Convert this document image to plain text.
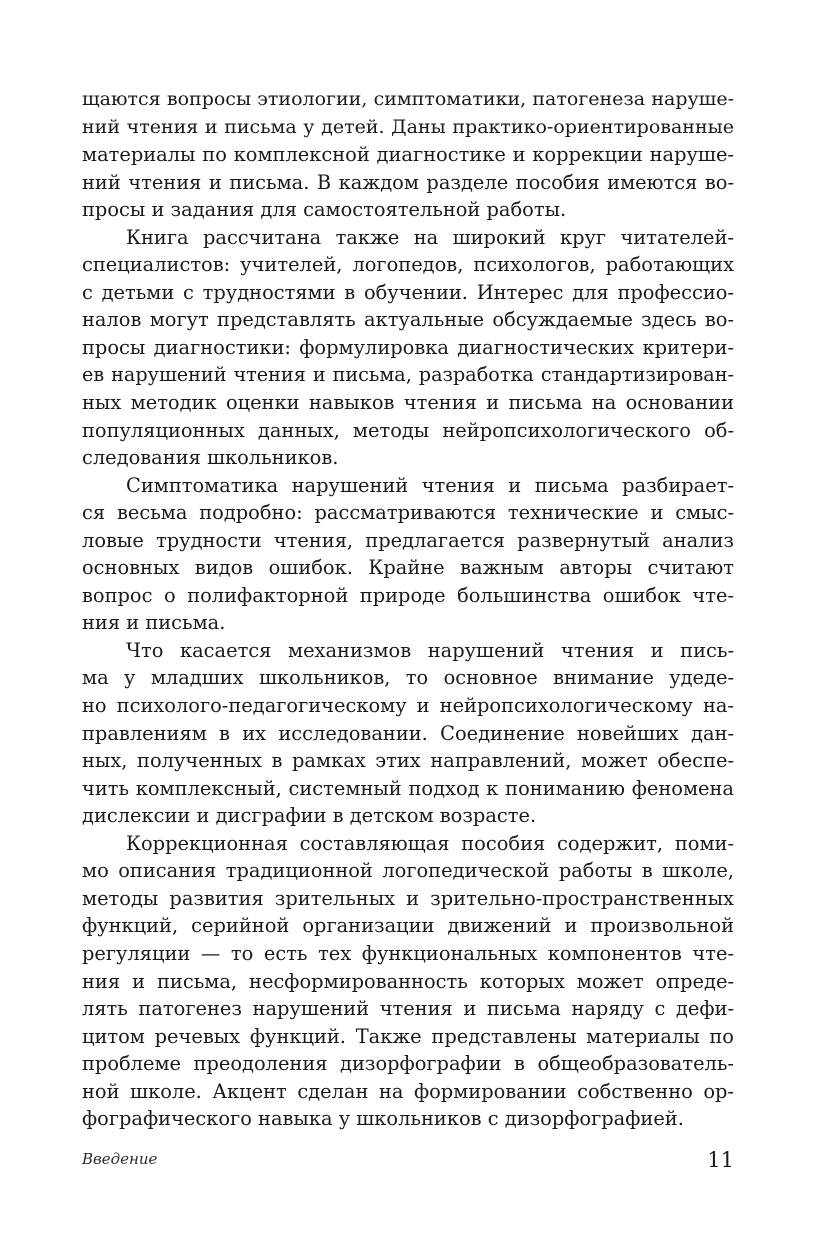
щаются вопросы этиологии, симптоматики, патогенеза наруше-
ний чтения и письма у детей. Даны практико-ориентированные
материалы по комплексной диагностике и коррекции наруше-
ний чтения и письма. В каждом разделе пособия имеются во-
просы и задания для самостоятельной работы.
Книга рассчитана также на широкий круг читателей-
специалистов: учителей, логопедов, психологов, работающих
с детьми с трудностями в обучении. Интерес для профессио-
налов могут представлять актуальные обсуждаемые здесь во-
просы диагностики: формулировка диагностических критери-
ев нарушений чтения и письма, разработка стандартизирован-
ных методик оценки навыков чтения и письма на основании
популяционных данных, методы нейропсихологического об-
следования школьников.
Симптоматика нарушений чтения и письма разбирает-
ся весьма подробно: рассматриваются технические и смыс-
ловые трудности чтения, предлагается развернутый анализ
основных видов ошибок. Крайне важным авторы считают
вопрос о полифакторной природе большинства ошибок чте-
ния и письма.
Что касается механизмов нарушений чтения и пись-
ма у младших школьников, то основное внимание удеде-
но психолого-педагогическому и нейропсихологическому на-
правлениям в их исследовании. Соединение новейших дан-
ных, полученных в рамках этих направлений, может обеспе-
чить комплексный, системный подход к пониманию феномена
дислексии и дисграфии в детском возрасте.
Коррекционная составляющая пособия содержит, поми-
мо описания традиционной логопедической работы в школе,
методы развития зрительных и зрительно-пространственных
функций, серийной организации движений и произвольной
регуляции — то есть тех функциональных компонентов чте-
ния и письма, несформированность которых может опреде-
лять патогенез нарушений чтения и письма наряду с дефи-
цитом речевых функций. Также представлены материалы по
проблеме преодоления дизорфографии в общеобразователь-
ной школе. Акцент сделан на формировании собственно ор-
фографического навыка у школьников с дизорфографией.
Введение	11
